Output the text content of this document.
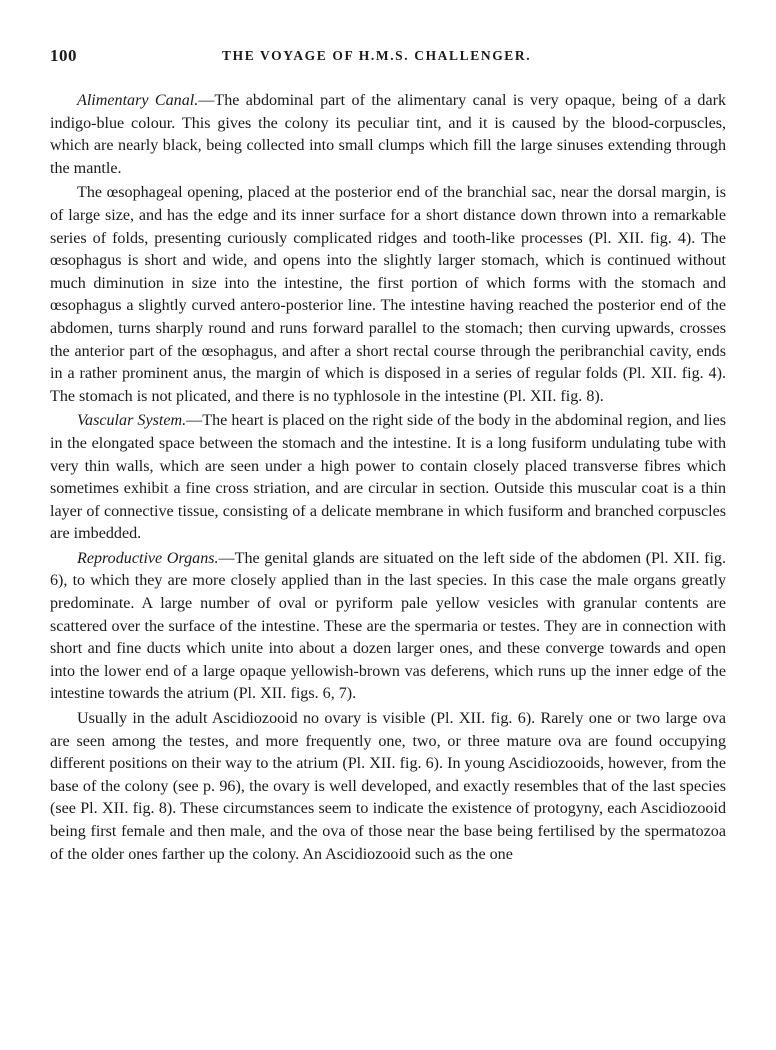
100	THE VOYAGE OF H.M.S. CHALLENGER.

Alimentary Canal.—The abdominal part of the alimentary canal is very opaque, being of a dark indigo-blue colour. This gives the colony its peculiar tint, and it is caused by the blood-corpuscles, which are nearly black, being collected into small clumps which fill the large sinuses extending through the mantle.

The œsophageal opening, placed at the posterior end of the branchial sac, near the dorsal margin, is of large size, and has the edge and its inner surface for a short distance down thrown into a remarkable series of folds, presenting curiously complicated ridges and tooth-like processes (Pl. XII. fig. 4). The œsophagus is short and wide, and opens into the slightly larger stomach, which is continued without much diminution in size into the intestine, the first portion of which forms with the stomach and œsophagus a slightly curved antero-posterior line. The intestine having reached the posterior end of the abdomen, turns sharply round and runs forward parallel to the stomach; then curving upwards, crosses the anterior part of the œsophagus, and after a short rectal course through the peribranchial cavity, ends in a rather prominent anus, the margin of which is disposed in a series of regular folds (Pl. XII. fig. 4). The stomach is not plicated, and there is no typhlosole in the intestine (Pl. XII. fig. 8).

Vascular System.—The heart is placed on the right side of the body in the abdominal region, and lies in the elongated space between the stomach and the intestine. It is a long fusiform undulating tube with very thin walls, which are seen under a high power to contain closely placed transverse fibres which sometimes exhibit a fine cross striation, and are circular in section. Outside this muscular coat is a thin layer of connective tissue, consisting of a delicate membrane in which fusiform and branched corpuscles are imbedded.

Reproductive Organs.—The genital glands are situated on the left side of the abdomen (Pl. XII. fig. 6), to which they are more closely applied than in the last species. In this case the male organs greatly predominate. A large number of oval or pyriform pale yellow vesicles with granular contents are scattered over the surface of the intestine. These are the spermaria or testes. They are in connection with short and fine ducts which unite into about a dozen larger ones, and these converge towards and open into the lower end of a large opaque yellowish-brown vas deferens, which runs up the inner edge of the intestine towards the atrium (Pl. XII. figs. 6, 7).

Usually in the adult Ascidiozooid no ovary is visible (Pl. XII. fig. 6). Rarely one or two large ova are seen among the testes, and more frequently one, two, or three mature ova are found occupying different positions on their way to the atrium (Pl. XII. fig. 6). In young Ascidiozooids, however, from the base of the colony (see p. 96), the ovary is well developed, and exactly resembles that of the last species (see Pl. XII. fig. 8). These circumstances seem to indicate the existence of protogyny, each Ascidiozooid being first female and then male, and the ova of those near the base being fertilised by the spermatozoa of the older ones farther up the colony. An Ascidiozooid such as the one
